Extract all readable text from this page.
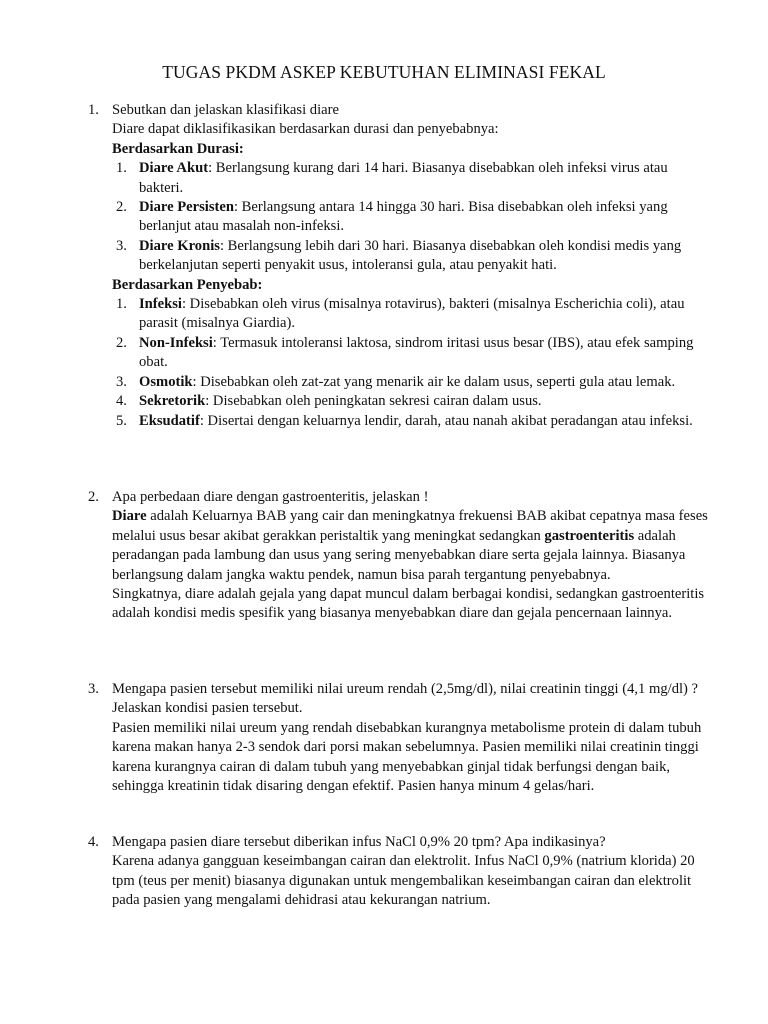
TUGAS PKDM ASKEP KEBUTUHAN ELIMINASI FEKAL
1. Sebutkan dan jelaskan klasifikasi diare

Diare dapat diklasifikasikan berdasarkan durasi dan penyebabnya:

Berdasarkan Durasi:

1. Diare Akut: Berlangsung kurang dari 14 hari. Biasanya disebabkan oleh infeksi virus atau bakteri.
2. Diare Persisten: Berlangsung antara 14 hingga 30 hari. Bisa disebabkan oleh infeksi yang berlanjut atau masalah non-infeksi.
3. Diare Kronis: Berlangsung lebih dari 30 hari. Biasanya disebabkan oleh kondisi medis yang berkelanjutan seperti penyakit usus, intoleransi gula, atau penyakit hati.

Berdasarkan Penyebab:

1. Infeksi: Disebabkan oleh virus (misalnya rotavirus), bakteri (misalnya Escherichia coli), atau parasit (misalnya Giardia).
2. Non-Infeksi: Termasuk intoleransi laktosa, sindrom iritasi usus besar (IBS), atau efek samping obat.
3. Osmotik: Disebabkan oleh zat-zat yang menarik air ke dalam usus, seperti gula atau lemak.
4. Sekretorik: Disebabkan oleh peningkatan sekresi cairan dalam usus.
5. Eksudatif: Disertai dengan keluarnya lendir, darah, atau nanah akibat peradangan atau infeksi.
2. Apa perbedaan diare dengan gastroenteritis, jelaskan !

Diare adalah Keluarnya BAB yang cair dan meningkatnya frekuensi BAB akibat cepatnya masa feses melalui usus besar akibat gerakkan peristaltik yang meningkat sedangkan gastroenteritis adalah peradangan pada lambung dan usus yang sering menyebabkan diare serta gejala lainnya. Biasanya berlangsung dalam jangka waktu pendek, namun bisa parah tergantung penyebabnya.

Singkatnya, diare adalah gejala yang dapat muncul dalam berbagai kondisi, sedangkan gastroenteritis adalah kondisi medis spesifik yang biasanya menyebabkan diare dan gejala pencernaan lainnya.

3. Mengapa pasien tersebut memiliki nilai ureum rendah (2,5mg/dl), nilai creatinin tinggi (4,1 mg/dl) ? Jelaskan kondisi pasien tersebut.

Pasien memiliki nilai ureum yang rendah disebabkan kurangnya metabolisme protein di dalam tubuh karena makan hanya 2-3 sendok dari porsi makan sebelumnya. Pasien memiliki nilai creatinin tinggi karena kurangnya cairan di dalam tubuh yang menyebabkan ginjal tidak berfungsi dengan baik, sehingga kreatinin tidak disaring dengan efektif. Pasien hanya minum 4 gelas/hari.

4. Mengapa pasien diare tersebut diberikan infus NaCl 0,9% 20 tpm? Apa indikasinya?

Karena adanya gangguan keseimbangan cairan dan elektrolit. Infus NaCl 0,9% (natrium klorida) 20 tpm (teus per menit) biasanya digunakan untuk mengembalikan keseimbangan cairan dan elektrolit pada pasien yang mengalami dehidrasi atau kekurangan natrium.
